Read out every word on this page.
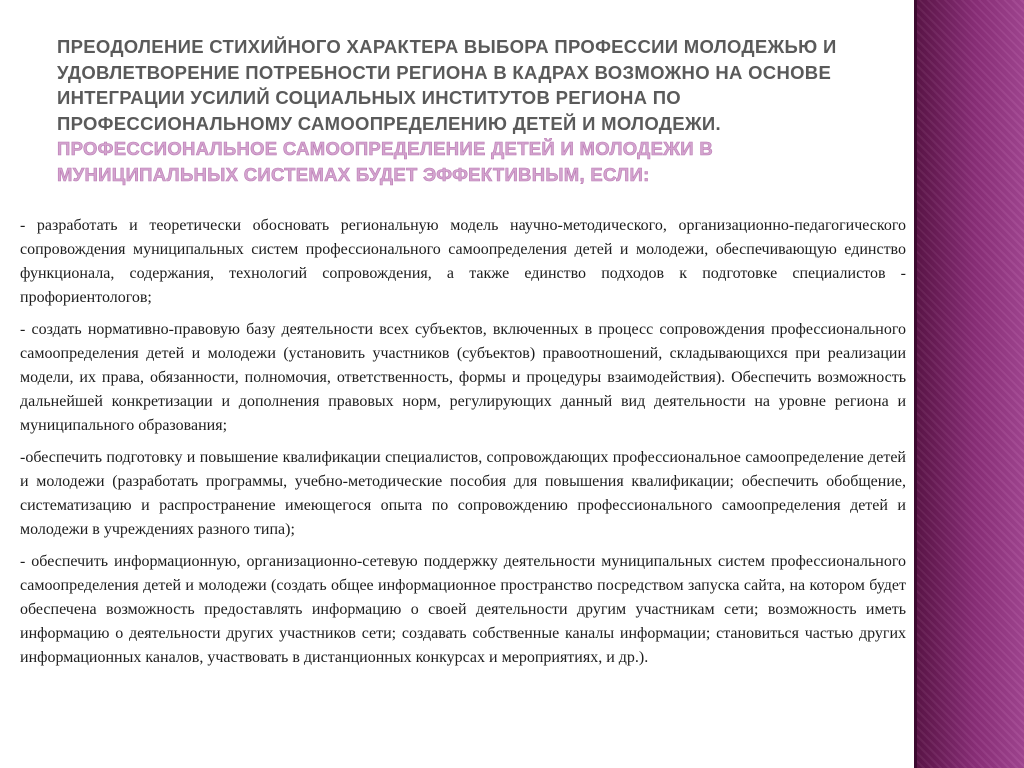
ПРЕОДОЛЕНИЕ СТИХИЙНОГО ХАРАКТЕРА ВЫБОРА ПРОФЕССИИ МОЛОДЕЖЬЮ И УДОВЛЕТВОРЕНИЕ ПОТРЕБНОСТИ РЕГИОНА В КАДРАХ ВОЗМОЖНО НА ОСНОВЕ ИНТЕГРАЦИИ УСИЛИЙ СОЦИАЛЬНЫХ ИНСТИТУТОВ РЕГИОНА ПО ПРОФЕССИОНАЛЬНОМУ САМООПРЕДЕЛЕНИЮ ДЕТЕЙ И МОЛОДЕЖИ.
ПРОФЕССИОНАЛЬНОЕ САМООПРЕДЕЛЕНИЕ ДЕТЕЙ И МОЛОДЕЖИ В МУНИЦИПАЛЬНЫХ СИСТЕМАХ БУДЕТ ЭФФЕКТИВНЫМ, ЕСЛИ:

- разработать и теоретически обосновать региональную модель научно-методического, организационно-педагогического сопровождения муниципальных систем профессионального самоопределения детей и молодежи, обеспечивающую единство функционала, содержания, технологий сопровождения, а также единство подходов к подготовке специалистов - профориентологов;

- создать нормативно-правовую базу деятельности всех субъектов, включенных в процесс сопровождения профессионального самоопределения детей и молодежи (установить участников (субъектов) правоотношений, складывающихся при реализации модели, их права, обязанности, полномочия, ответственность, формы и процедуры взаимодействия). Обеспечить возможность дальнейшей конкретизации и дополнения правовых норм, регулирующих данный вид деятельности на уровне региона и муниципального образования;

-обеспечить подготовку и повышение квалификации специалистов, сопровождающих профессиональное самоопределение детей и молодежи (разработать программы, учебно-методические пособия для повышения квалификации; обеспечить обобщение, систематизацию и распространение имеющегося опыта по сопровождению профессионального самоопределения детей и молодежи в учреждениях разного типа);

- обеспечить информационную, организационно-сетевую поддержку деятельности муниципальных систем профессионального самоопределения детей и молодежи (создать общее информационное пространство посредством запуска сайта, на котором будет обеспечена возможность предоставлять информацию о своей деятельности другим участникам сети; возможность иметь информацию о деятельности других участников сети; создавать собственные каналы информации; становиться частью других информационных каналов, участвовать в дистанционных конкурсах и мероприятиях, и др.).
